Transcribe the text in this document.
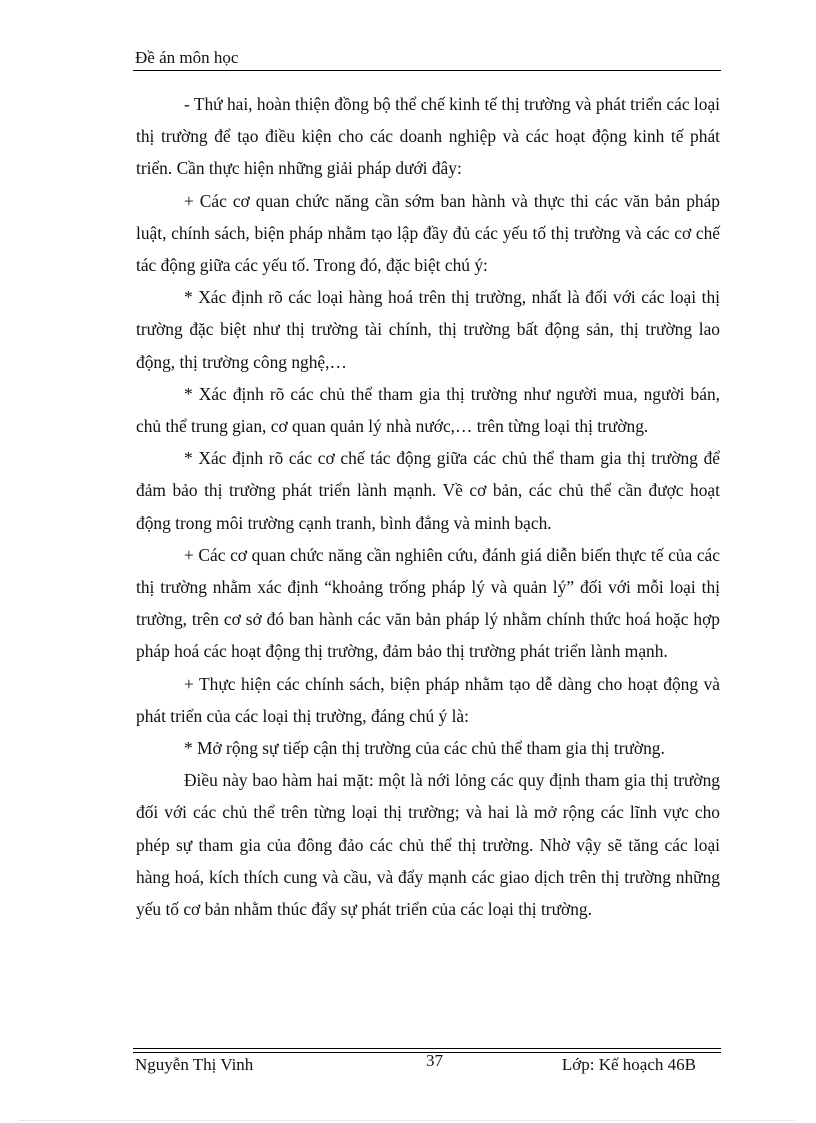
Đề án môn học

- Thứ hai, hoàn thiện đồng bộ thể chế kinh tế thị trường và phát triển các loại thị trường để tạo điều kiện cho các doanh nghiệp và các hoạt động kinh tế phát triển. Cần thực hiện những giải pháp dưới đây:

+ Các cơ quan chức năng cần sớm ban hành và thực thi các văn bản pháp luật, chính sách, biện pháp nhằm tạo lập đầy đủ các yếu tố thị trường và các cơ chế tác động giữa các yếu tố. Trong đó, đặc biệt chú ý:

* Xác định rõ các loại hàng hoá trên thị trường, nhất là đối với các loại thị trường đặc biệt như thị trường tài chính, thị trường bất động sản, thị trường lao động, thị trường công nghệ,…

* Xác định rõ các chủ thể tham gia thị trường như người mua, người bán, chủ thể trung gian, cơ quan quản lý nhà nước,… trên từng loại thị trường.

* Xác định rõ các cơ chế tác động giữa các chủ thể tham gia thị trường để đảm bảo thị trường phát triển lành mạnh. Về cơ bản, các chủ thể cần được hoạt động trong môi trường cạnh tranh, bình đẳng và minh bạch.

+ Các cơ quan chức năng cần nghiên cứu, đánh giá diễn biến thực tế của các thị trường nhằm xác định “khoảng trống pháp lý và quản lý” đối với mỗi loại thị trường, trên cơ sở đó ban hành các văn bản pháp lý nhằm chính thức hoá hoặc hợp pháp hoá các hoạt động thị trường, đảm bảo thị trường phát triển lành mạnh.

+ Thực hiện các chính sách, biện pháp nhằm tạo dễ dàng cho hoạt động và phát triển của các loại thị trường, đáng chú ý là:

* Mở rộng sự tiếp cận thị trường của các chủ thể tham gia thị trường.

Điều này bao hàm hai mặt: một là nới lỏng các quy định tham gia thị trường đối với các chủ thể trên từng loại thị trường; và hai là mở rộng các lĩnh vực cho phép sự tham gia của đông đảo các chủ thể thị trường. Nhờ vậy sẽ tăng các loại hàng hoá, kích thích cung và cầu, và đẩy mạnh các giao dịch trên thị trường những yếu tố cơ bản nhằm thúc đẩy sự phát triển của các loại thị trường.

Nguyễn Thị Vinh	37	Lớp: Kế hoạch 46B
